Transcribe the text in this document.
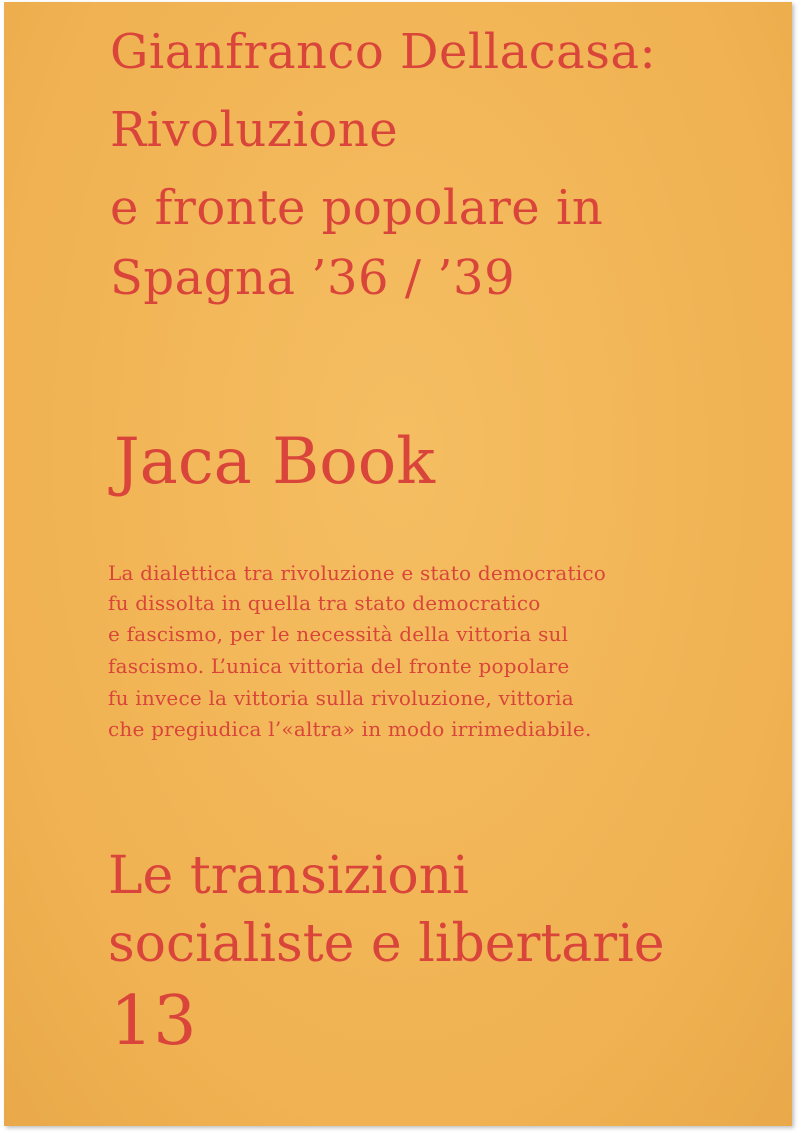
Gianfranco Dellacasa:

Rivoluzione

e fronte popolare in

Spagna ’36 / ’39

Jaca Book

La dialettica tra rivoluzione e stato democratico

fu dissolta in quella tra stato democratico

e fascismo, per le necessità della vittoria sul

fascismo. L’unica vittoria del fronte popolare

fu invece la vittoria sulla rivoluzione, vittoria

che pregiudica l’«altra» in modo irrimediabile.

Le transizioni

socialiste e libertarie

13
